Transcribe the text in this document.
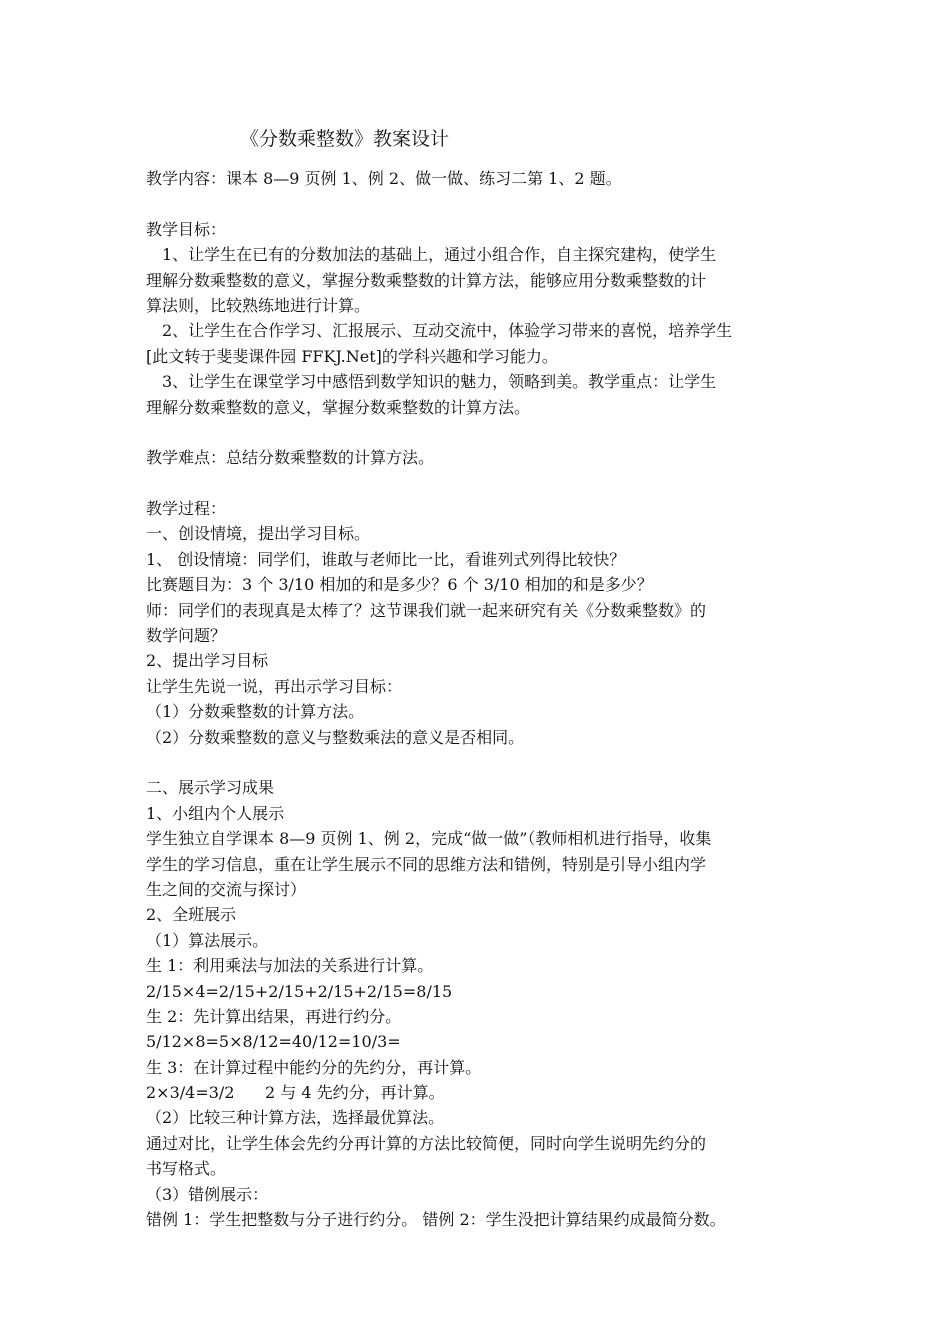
《分数乘整数》教案设计

教学内容：课本 8—9 页例 1、例 2、做一做、练习二第 1、2 题。

教学目标：

1、让学生在已有的分数加法的基础上，通过小组合作，自主探究建构，使学生

理解分数乘整数的意义，掌握分数乘整数的计算方法，能够应用分数乘整数的计

算法则，比较熟练地进行计算。

2、让学生在合作学习、汇报展示、互动交流中，体验学习带来的喜悦，培养学生

[此文转于斐斐课件园 FFKJ.Net]的学科兴趣和学习能力。

3、让学生在课堂学习中感悟到数学知识的魅力，领略到美。教学重点：让学生

理解分数乘整数的意义，掌握分数乘整数的计算方法。

教学难点：总结分数乘整数的计算方法。

教学过程：

一、创设情境，提出学习目标。

1、 创设情境：同学们，谁敢与老师比一比，看谁列式列得比较快？

比赛题目为：3 个 3/10 相加的和是多少？6 个 3/10 相加的和是多少？

师：同学们的表现真是太棒了？这节课我们就一起来研究有关《分数乘整数》的

数学问题？

2、提出学习目标

让学生先说一说，再出示学习目标：

（1）分数乘整数的计算方法。

（2）分数乘整数的意义与整数乘法的意义是否相同。

二、展示学习成果

1、小组内个人展示

学生独立自学课本 8—9 页例 1、例 2，完成“做一做”（教师相机进行指导，收集

学生的学习信息，重在让学生展示不同的思维方法和错例，特别是引导小组内学

生之间的交流与探讨）

2、全班展示

（1）算法展示。

生 1：利用乘法与加法的关系进行计算。

2/15×4=2/15+2/15+2/15+2/15=8/15

生 2：先计算出结果，再进行约分。

5/12×8=5×8/12=40/12=10/3=

生 3：在计算过程中能约分的先约分，再计算。

2×3/4=3/2      2 与 4 先约分，再计算。

（2）比较三种计算方法，选择最优算法。

通过对比，让学生体会先约分再计算的方法比较简便，同时向学生说明先约分的

书写格式。

（3）错例展示：

错例 1：学生把整数与分子进行约分。 错例 2：学生没把计算结果约成最简分数。
